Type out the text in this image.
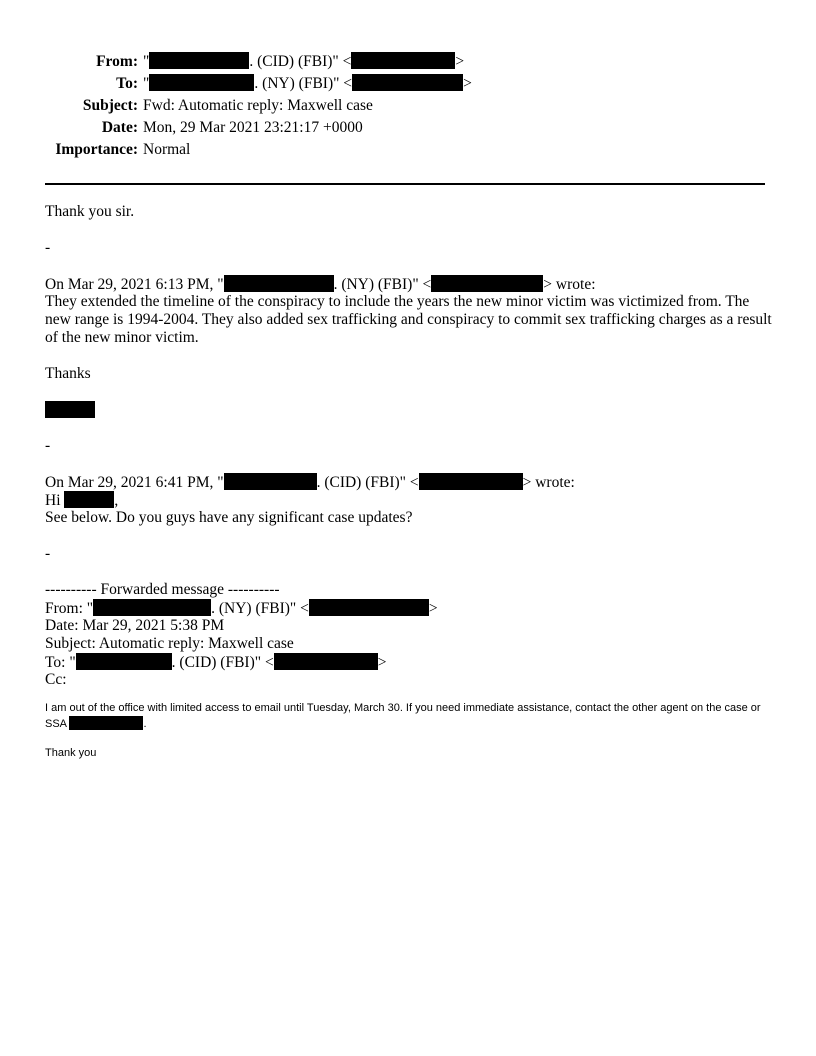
From: "	. (CID) (FBI)" <	>
To: "	. (NY) (FBI)" <	>
Subject: Fwd: Automatic reply: Maxwell case
Date: Mon, 29 Mar 2021 23:21:17 +0000
Importance: Normal
Thank you sir.
-
On Mar 29, 2021 6:13 PM, "	. (NY) (FBI)" <	> wrote:
They extended the timeline of the conspiracy to include the years the new minor victim was victimized from. The new range is 1994-2004. They also added sex trafficking and conspiracy to commit sex trafficking charges as a result of the new minor victim.
Thanks
-
On Mar 29, 2021 6:41 PM, "	. (CID) (FBI)" <	> wrote:
Hi	,
See below. Do you guys have any significant case updates?
-
---------- Forwarded message ----------
From: "	. (NY) (FBI)" <	>
Date: Mar 29, 2021 5:38 PM
Subject: Automatic reply: Maxwell case
To: "	. (CID) (FBI)" <	>
Cc:
I am out of the office with limited access to email until Tuesday, March 30. If you need immediate assistance, contact the other agent on the case or SSA	.
Thank you
